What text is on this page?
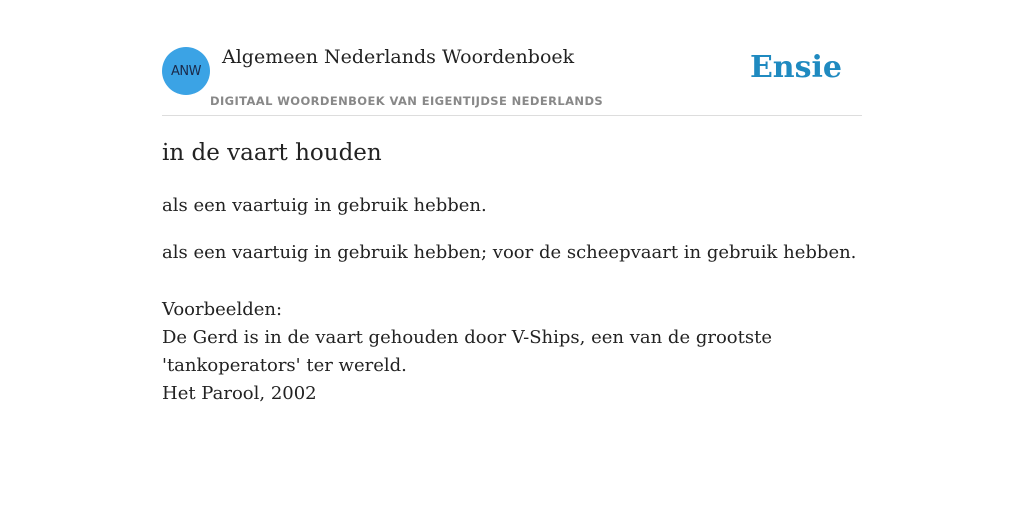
ANW
Algemeen Nederlands Woordenboek
DIGITAAL WOORDENBOEK VAN EIGENTIJDSE NEDERLANDS
Ensie
in de vaart houden

als een vaartuig in gebruik hebben.

als een vaartuig in gebruik hebben; voor de scheepvaart in gebruik hebben.

Voorbeelden:
De Gerd is in de vaart gehouden door V-Ships, een van de grootste
'tankoperators' ter wereld.
Het Parool, 2002
